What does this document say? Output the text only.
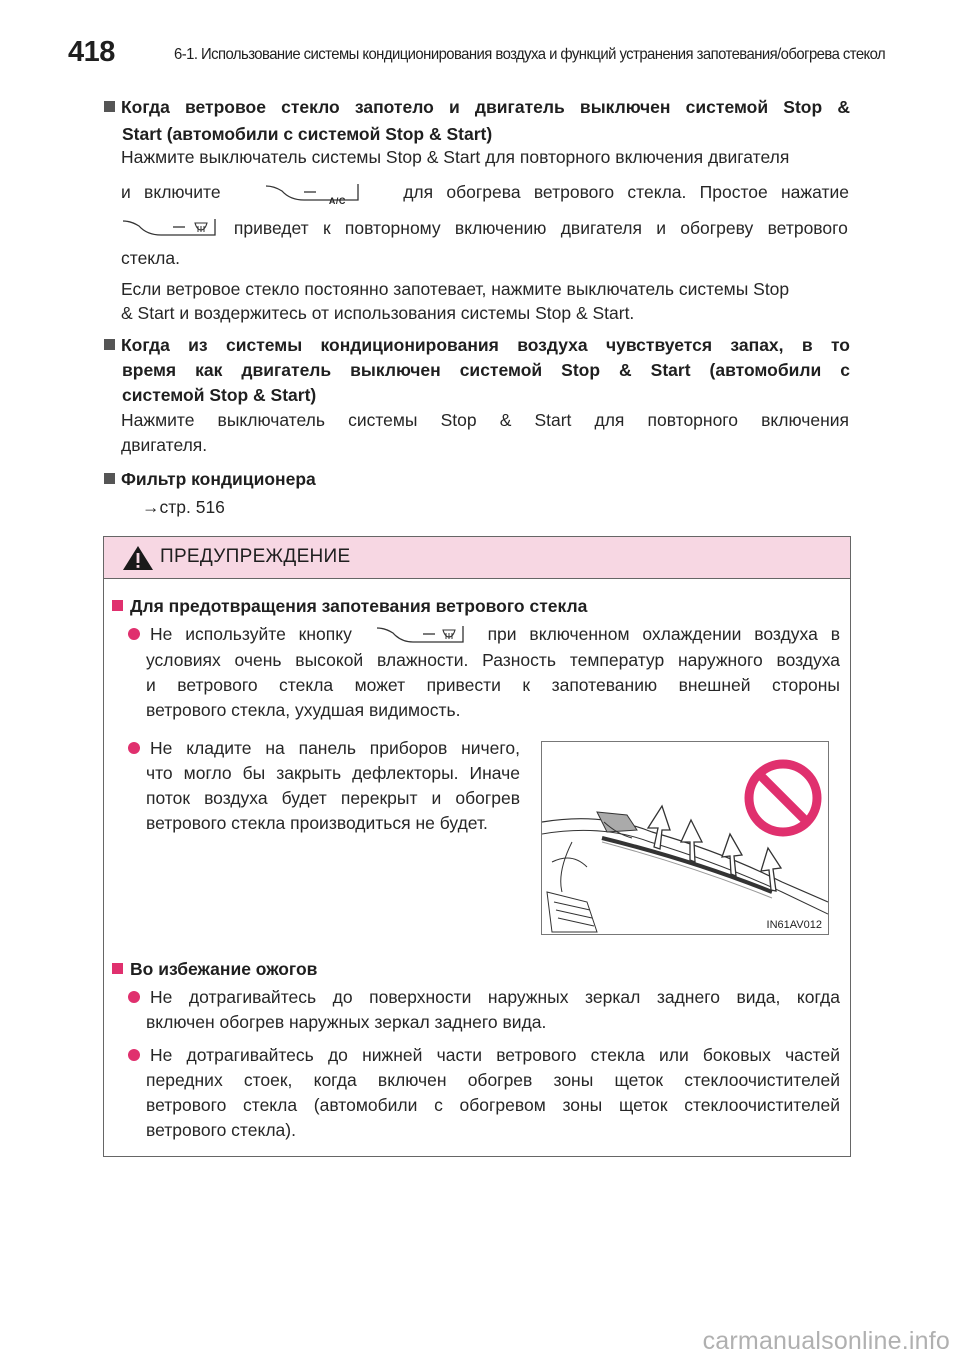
418	6-1. Использование системы кондиционирования воздуха и функций устранения запотевания/обогрева стекол
Когда ветровое стекло запотело и двигатель выключен системой Stop &
Start (автомобили с системой Stop & Start)
Нажмите выключатель системы Stop & Start для повторного включения двигателя
и включите	A/C	для обогрева ветрового стекла. Простое нажатие
приведет к повторному включению двигателя и обогреву ветрового
стекла.
Если ветровое стекло постоянно запотевает, нажмите выключатель системы Stop
& Start и воздержитесь от использования системы Stop & Start.
Когда из системы кондиционирования воздуха чувствуется запах, в то
время как двигатель выключен системой Stop & Start (автомобили с
системой Stop & Start)
Нажмите выключатель системы Stop & Start для повторного включения
двигателя.
Фильтр кондиционера
→стр. 516
ПРЕДУПРЕЖДЕНИЕ
Для предотвращения запотевания ветрового стекла
Не используйте кнопку	при включенном охлаждении воздуха в
условиях очень высокой влажности. Разность температур наружного воздуха
и ветрового стекла может привести к запотеванию внешней стороны
ветрового стекла, ухудшая видимость.
Не кладите на панель приборов ничего,
что могло бы закрыть дефлекторы. Иначе
поток воздуха будет перекрыт и обогрев
ветрового стекла производиться не будет.
IN61AV012
Во избежание ожогов
Не дотрагивайтесь до поверхности наружных зеркал заднего вида, когда
включен обогрев наружных зеркал заднего вида.
Не дотрагивайтесь до нижней части ветрового стекла или боковых частей
передних стоек, когда включен обогрев зоны щеток стеклоочистителей
ветрового стекла (автомобили с обогревом зоны щеток стеклоочистителей
ветрового стекла).
carmanualsonline.info
